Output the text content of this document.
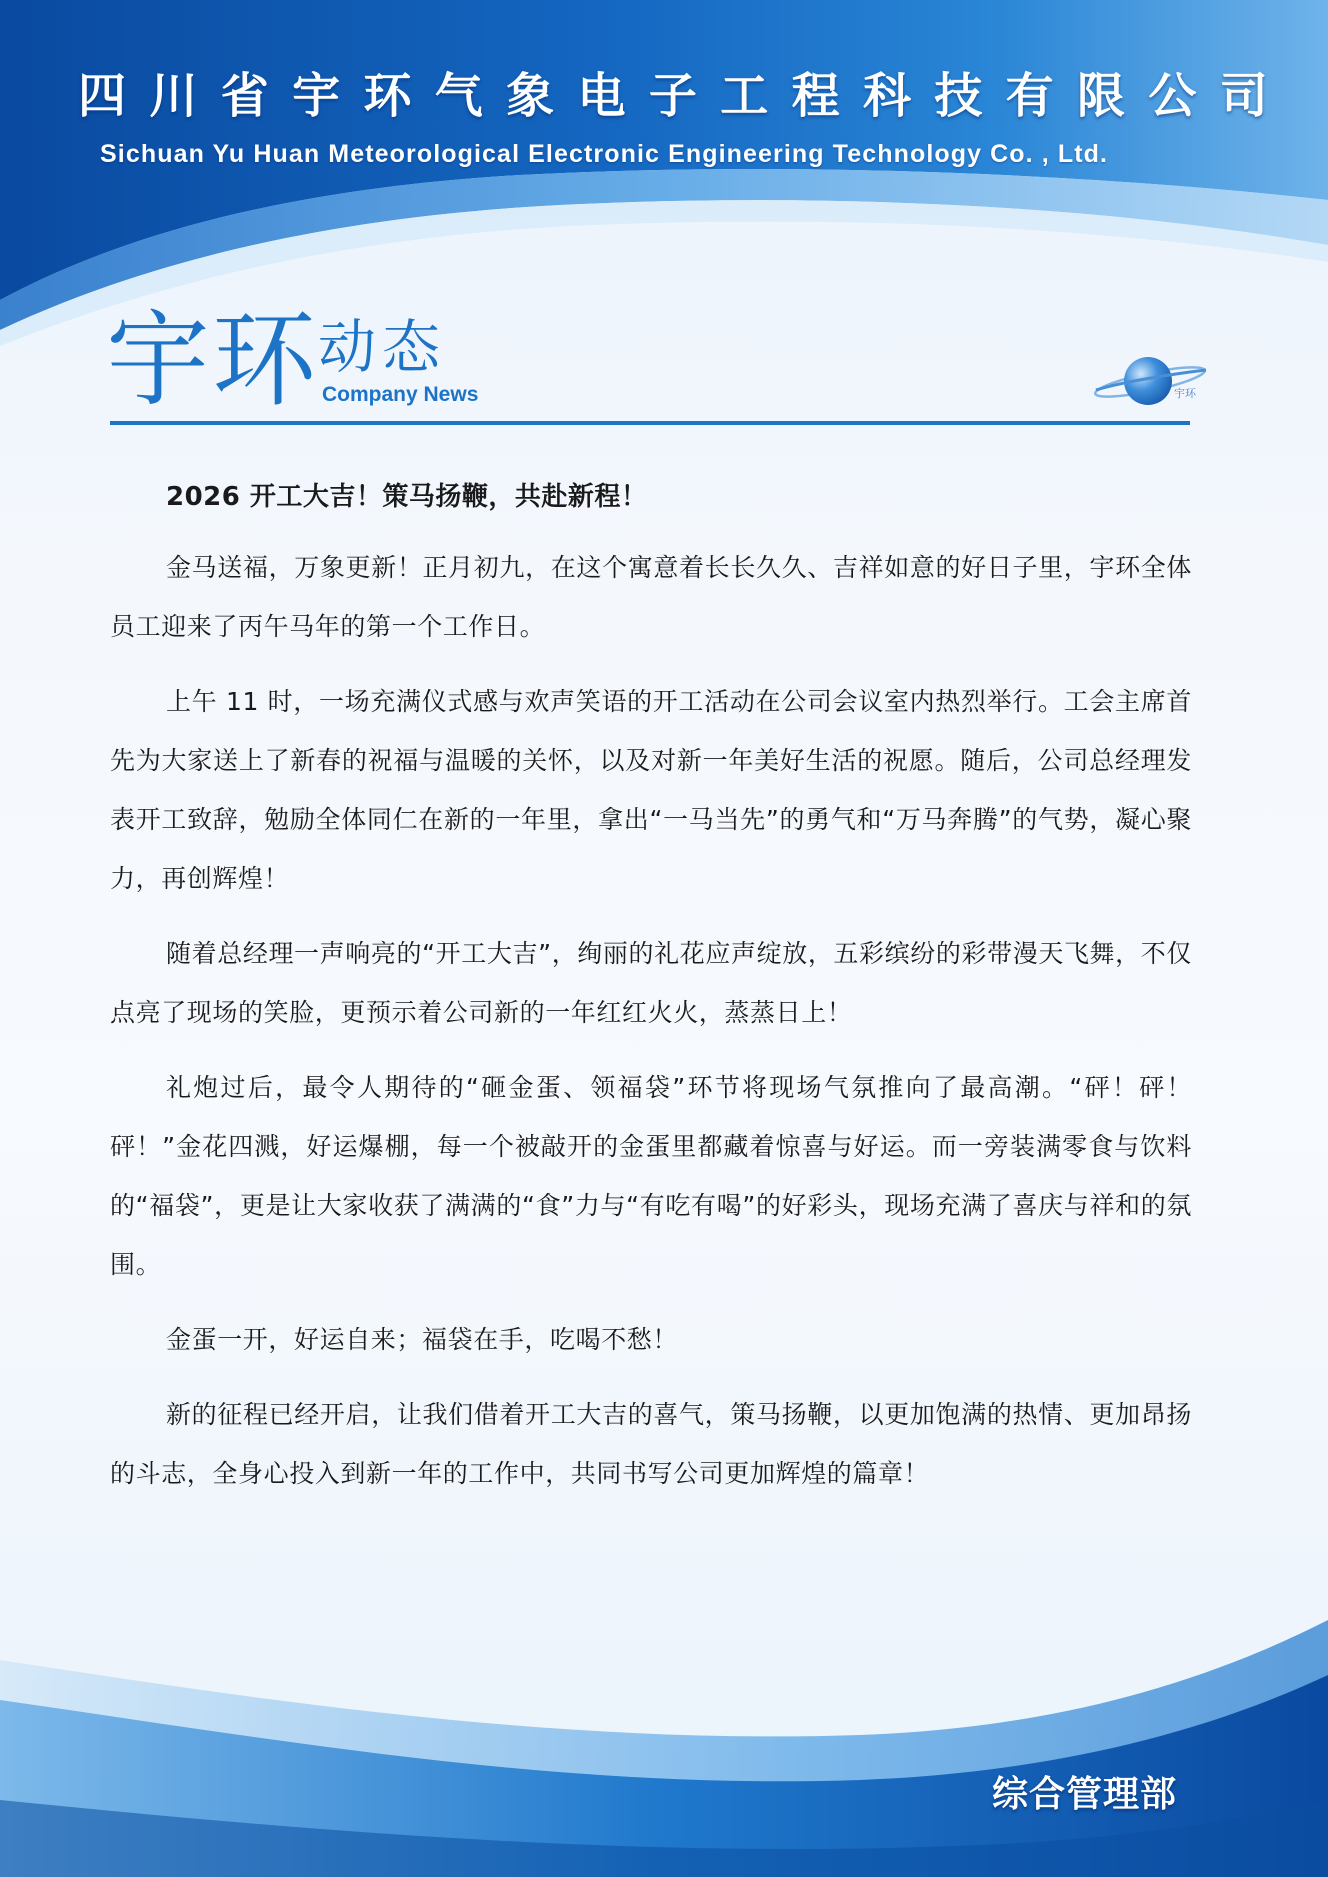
四 川 省 宇 环 气 象 电 子 工 程 科 技 有 限 公 司
Sichuan Yu Huan Meteorological Electronic Engineering Technology Co. , Ltd.
宇环 动态
Company News	宇环
2026 开工大吉！策马扬鞭，共赴新程！

金马送福，万象更新！正月初九，在这个寓意着长长久久、吉祥如意的好日子里，宇环全体员工迎来了丙午马年的第一个工作日。

上午 11 时，一场充满仪式感与欢声笑语的开工活动在公司会议室内热烈举行。工会主席首先为大家送上了新春的祝福与温暖的关怀，以及对新一年美好生活的祝愿。随后，公司总经理发表开工致辞，勉励全体同仁在新的一年里，拿出“一马当先”的勇气和“万马奔腾”的气势，凝心聚力，再创辉煌！

随着总经理一声响亮的“开工大吉”，绚丽的礼花应声绽放，五彩缤纷的彩带漫天飞舞，不仅点亮了现场的笑脸，更预示着公司新的一年红红火火，蒸蒸日上！

礼炮过后，最令人期待的“砸金蛋、领福袋”环节将现场气氛推向了最高潮。“砰！砰！砰！”金花四溅，好运爆棚，每一个被敲开的金蛋里都藏着惊喜与好运。而一旁装满零食与饮料的“福袋”，更是让大家收获了满满的“食”力与“有吃有喝”的好彩头，现场充满了喜庆与祥和的氛围。

金蛋一开，好运自来；福袋在手，吃喝不愁！

新的征程已经开启，让我们借着开工大吉的喜气，策马扬鞭，以更加饱满的热情、更加昂扬的斗志，全身心投入到新一年的工作中，共同书写公司更加辉煌的篇章！

综合管理部
